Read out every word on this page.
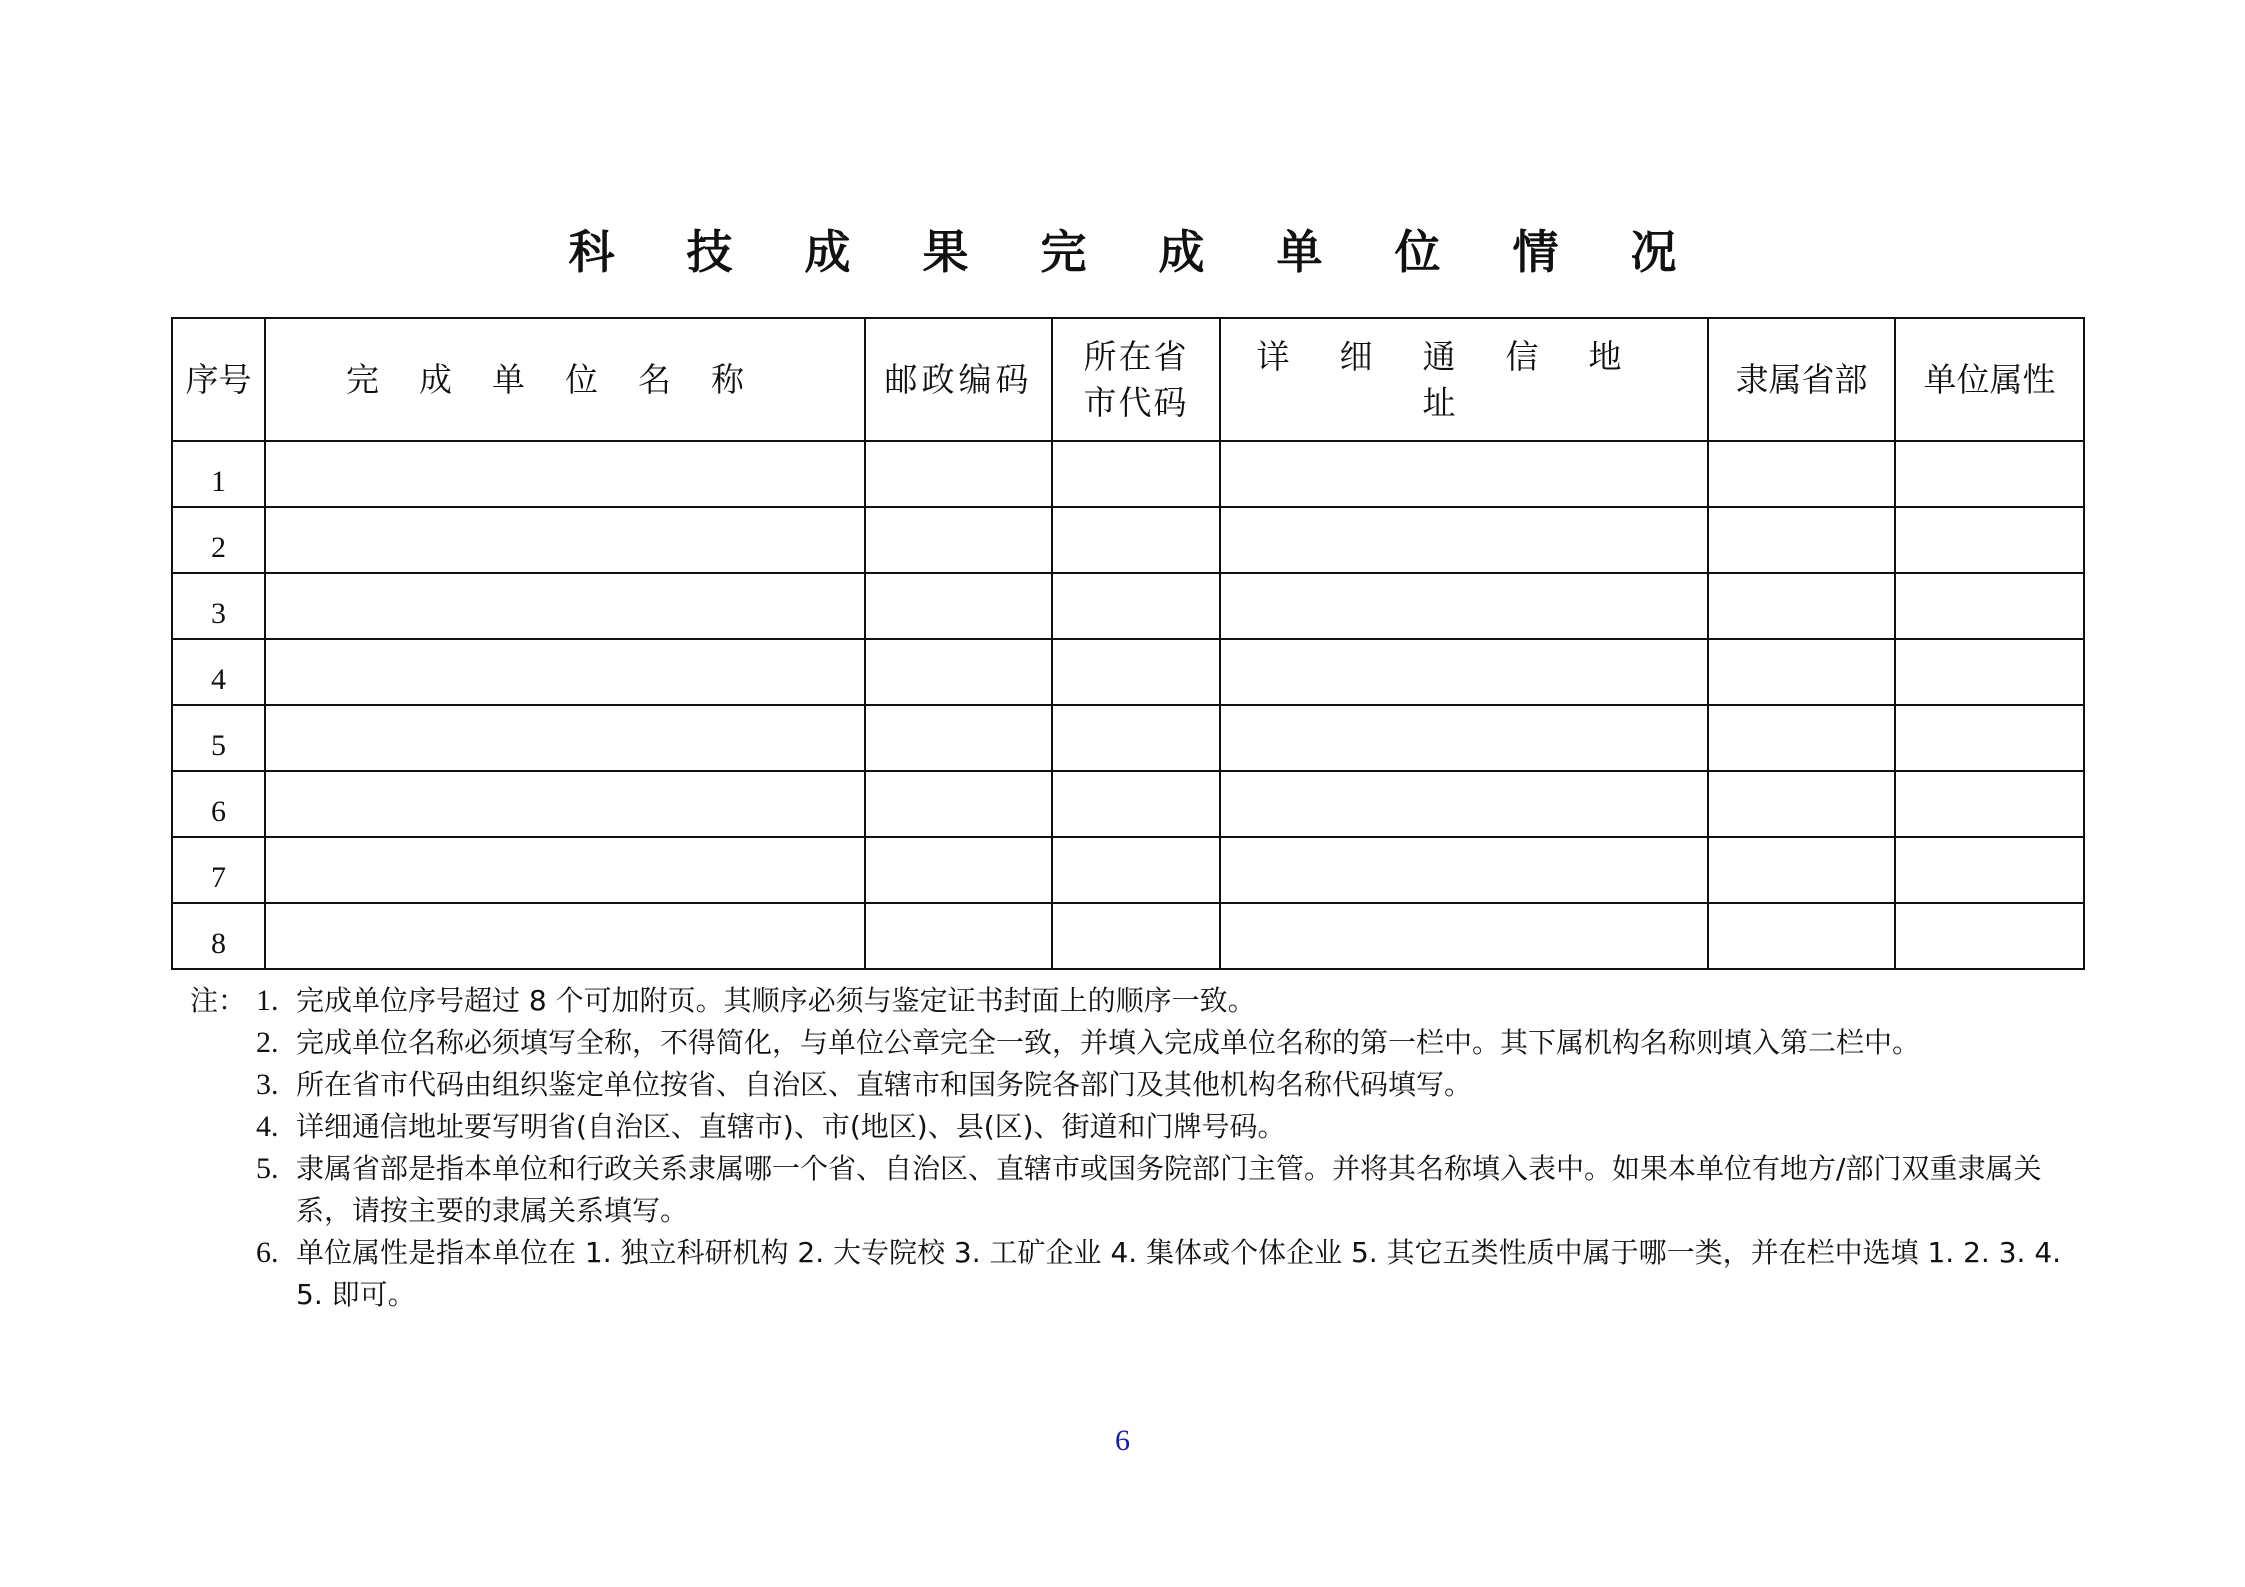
科技成果完成单位情况
序号	完成单位名称	邮政编码	所在省市代码	详细通信地址	隶属省部	单位属性
1						
2						
3						
4						
5						
6						
7						
8						
注： 1. 完成单位序号超过 8 个可加附页。其顺序必须与鉴定证书封面上的顺序一致。
2. 完成单位名称必须填写全称，不得简化，与单位公章完全一致，并填入完成单位名称的第一栏中。其下属机构名称则填入第二栏中。
3. 所在省市代码由组织鉴定单位按省、自治区、直辖市和国务院各部门及其他机构名称代码填写。
4. 详细通信地址要写明省(自治区、直辖市)、市(地区)、县(区)、街道和门牌号码。
5. 隶属省部是指本单位和行政关系隶属哪一个省、自治区、直辖市或国务院部门主管。并将其名称填入表中。如果本单位有地方/部门双重隶属关系，请按主要的隶属关系填写。
6. 单位属性是指本单位在 1. 独立科研机构 2. 大专院校 3. 工矿企业 4. 集体或个体企业 5. 其它五类性质中属于哪一类，并在栏中选填 1. 2. 3. 4. 5. 即可。
6
